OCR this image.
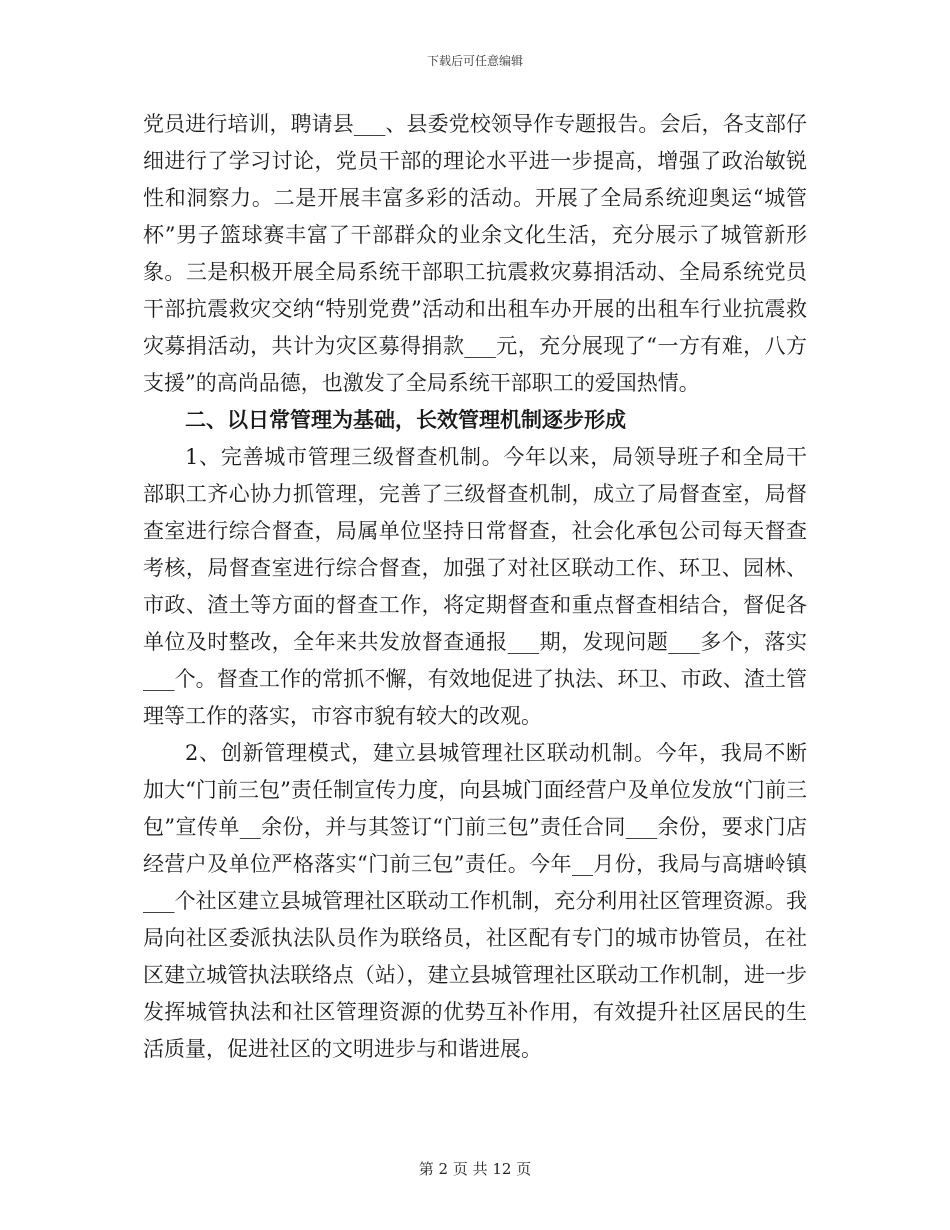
下载后可任意编辑

党员进行培训，聘请县___、县委党校领导作专题报告。会后，各支部仔细进行了学习讨论，党员干部的理论水平进一步提高，增强了政治敏锐性和洞察力。二是开展丰富多彩的活动。开展了全局系统迎奥运“城管杯”男子篮球赛丰富了干部群众的业余文化生活，充分展示了城管新形象。三是积极开展全局系统干部职工抗震救灾募捐活动、全局系统党员干部抗震救灾交纳“特别党费”活动和出租车办开展的出租车行业抗震救灾募捐活动，共计为灾区募得捐款___元，充分展现了“一方有难，八方支援”的高尚品德，也激发了全局系统干部职工的爱国热情。

二、以日常管理为基础，长效管理机制逐步形成

1、完善城市管理三级督查机制。今年以来，局领导班子和全局干部职工齐心协力抓管理，完善了三级督查机制，成立了局督查室，局督查室进行综合督查，局属单位坚持日常督查，社会化承包公司每天督查考核，局督查室进行综合督查，加强了对社区联动工作、环卫、园林、市政、渣土等方面的督查工作，将定期督查和重点督查相结合，督促各单位及时整改，全年来共发放督查通报___期，发现问题___多个，落实___个。督查工作的常抓不懈，有效地促进了执法、环卫、市政、渣土管理等工作的落实，市容市貌有较大的改观。

2、创新管理模式，建立县城管理社区联动机制。今年，我局不断加大“门前三包”责任制宣传力度，向县城门面经营户及单位发放“门前三包”宣传单__余份，并与其签订“门前三包”责任合同___余份，要求门店经营户及单位严格落实“门前三包”责任。今年__月份，我局与高塘岭镇___个社区建立县城管理社区联动工作机制，充分利用社区管理资源。我局向社区委派执法队员作为联络员，社区配有专门的城市协管员，在社区建立城管执法联络点（站），建立县城管理社区联动工作机制，进一步发挥城管执法和社区管理资源的优势互补作用，有效提升社区居民的生活质量，促进社区的文明进步与和谐进展。

第 2 页 共 12 页
